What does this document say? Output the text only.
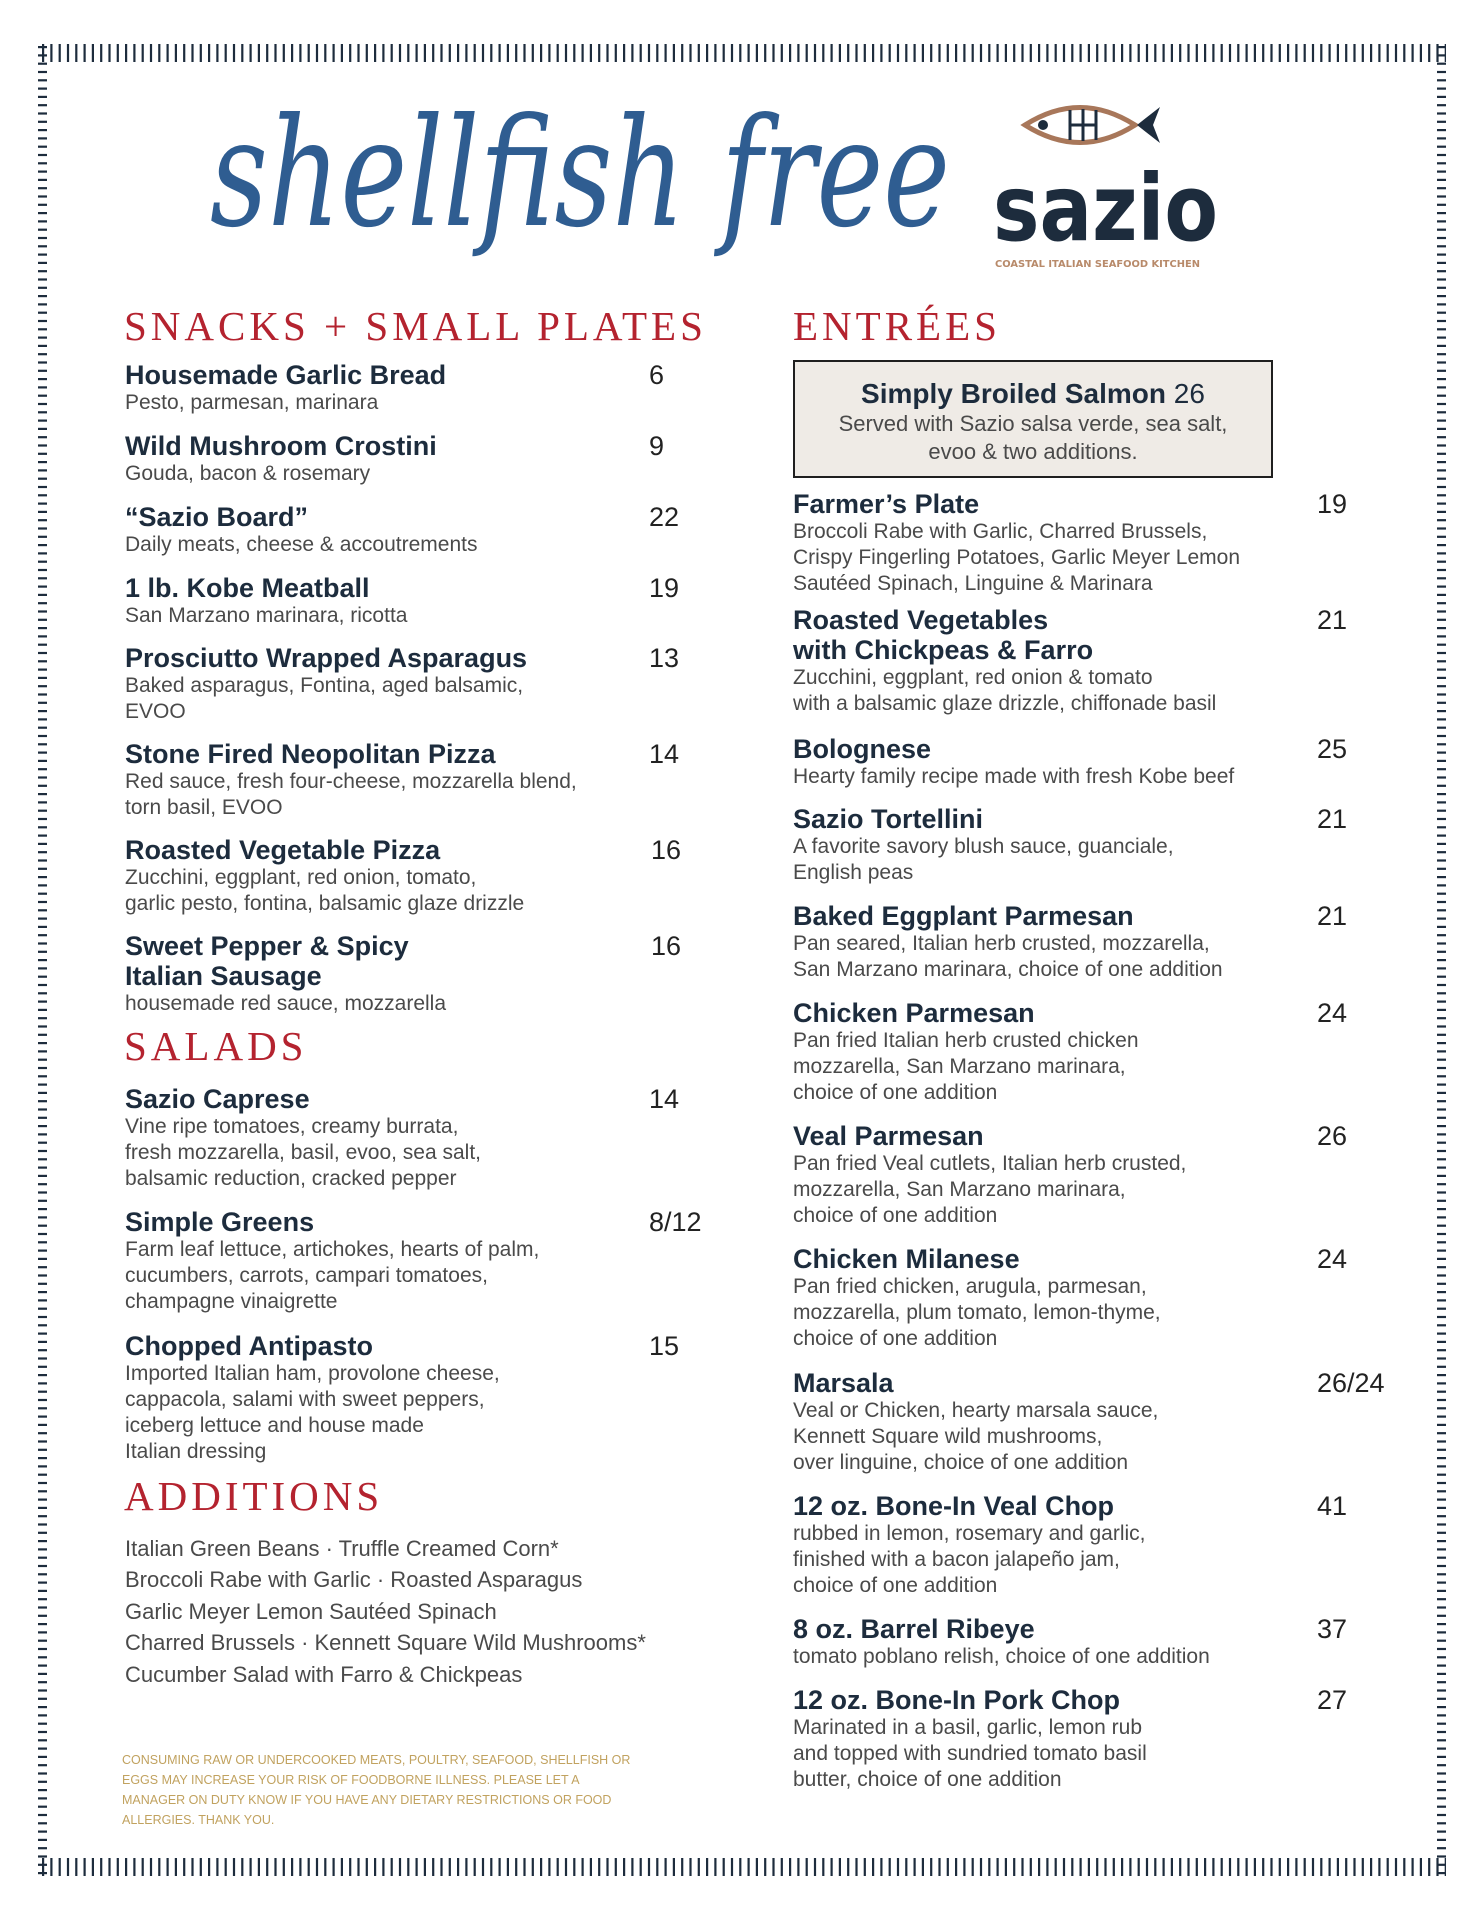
shellfish free sazio
COASTAL ITALIAN SEAFOOD KITCHEN
SNACKS + SMALL PLATES
SALADS
ADDITIONS
ENTRÉES
Housemade Garlic Bread
Pesto, parmesan, marinara
6
Wild Mushroom Crostini
Gouda, bacon & rosemary
9
“Sazio Board”
Daily meats, cheese & accoutrements
22
1 lb. Kobe Meatball
San Marzano marinara, ricotta
19
Prosciutto Wrapped Asparagus
Baked asparagus, Fontina, aged balsamic,
EVOO
13
Stone Fired Neopolitan Pizza
Red sauce, fresh four-cheese, mozzarella blend,
torn basil, EVOO
14
Roasted Vegetable Pizza
Zucchini, eggplant, red onion, tomato,
garlic pesto, fontina, balsamic glaze drizzle
16
Sweet Pepper & Spicy
Italian Sausage
housemade red sauce, mozzarella
16
Sazio Caprese
Vine ripe tomatoes, creamy burrata,
fresh mozzarella, basil, evoo, sea salt,
balsamic reduction, cracked pepper
14
Simple Greens
Farm leaf lettuce, artichokes, hearts of palm,
cucumbers, carrots, campari tomatoes,
champagne vinaigrette
8/12
Chopped Antipasto
Imported Italian ham, provolone cheese,
cappacola, salami with sweet peppers,
iceberg lettuce and house made
Italian dressing
15
Italian Green Beans · Truffle Creamed Corn*
Broccoli Rabe with Garlic · Roasted Asparagus
Garlic Meyer Lemon Sautéed Spinach
Charred Brussels · Kennett Square Wild Mushrooms*
Cucumber Salad with Farro & Chickpeas
CONSUMING RAW OR UNDERCOOKED MEATS, POULTRY, SEAFOOD, SHELLFISH OR EGGS MAY INCREASE YOUR RISK OF FOODBORNE ILLNESS. PLEASE LET A MANAGER ON DUTY KNOW IF YOU HAVE ANY DIETARY RESTRICTIONS OR FOOD ALLERGIES. THANK YOU.
Simply Broiled Salmon 26
Served with Sazio salsa verde, sea salt,
evoo & two additions.
Farmer’s Plate
Broccoli Rabe with Garlic, Charred Brussels,
Crispy Fingerling Potatoes, Garlic Meyer Lemon
Sautéed Spinach, Linguine & Marinara
19
Roasted Vegetables
with Chickpeas & Farro
Zucchini, eggplant, red onion & tomato
with a balsamic glaze drizzle, chiffonade basil
21
Bolognese
Hearty family recipe made with fresh Kobe beef
25
Sazio Tortellini
A favorite savory blush sauce, guanciale,
English peas
21
Baked Eggplant Parmesan
Pan seared, Italian herb crusted, mozzarella,
San Marzano marinara, choice of one addition
21
Chicken Parmesan
Pan fried Italian herb crusted chicken
mozzarella, San Marzano marinara,
choice of one addition
24
Veal Parmesan
Pan fried Veal cutlets, Italian herb crusted,
mozzarella, San Marzano marinara,
choice of one addition
26
Chicken Milanese
Pan fried chicken, arugula, parmesan,
mozzarella, plum tomato, lemon-thyme,
choice of one addition
24
Marsala
Veal or Chicken, hearty marsala sauce,
Kennett Square wild mushrooms,
over linguine, choice of one addition
26/24
12 oz. Bone-In Veal Chop
rubbed in lemon, rosemary and garlic,
finished with a bacon jalapeño jam,
choice of one addition
41
8 oz. Barrel Ribeye
tomato poblano relish, choice of one addition
37
12 oz. Bone-In Pork Chop
Marinated in a basil, garlic, lemon rub
and topped with sundried tomato basil
butter, choice of one addition
27
